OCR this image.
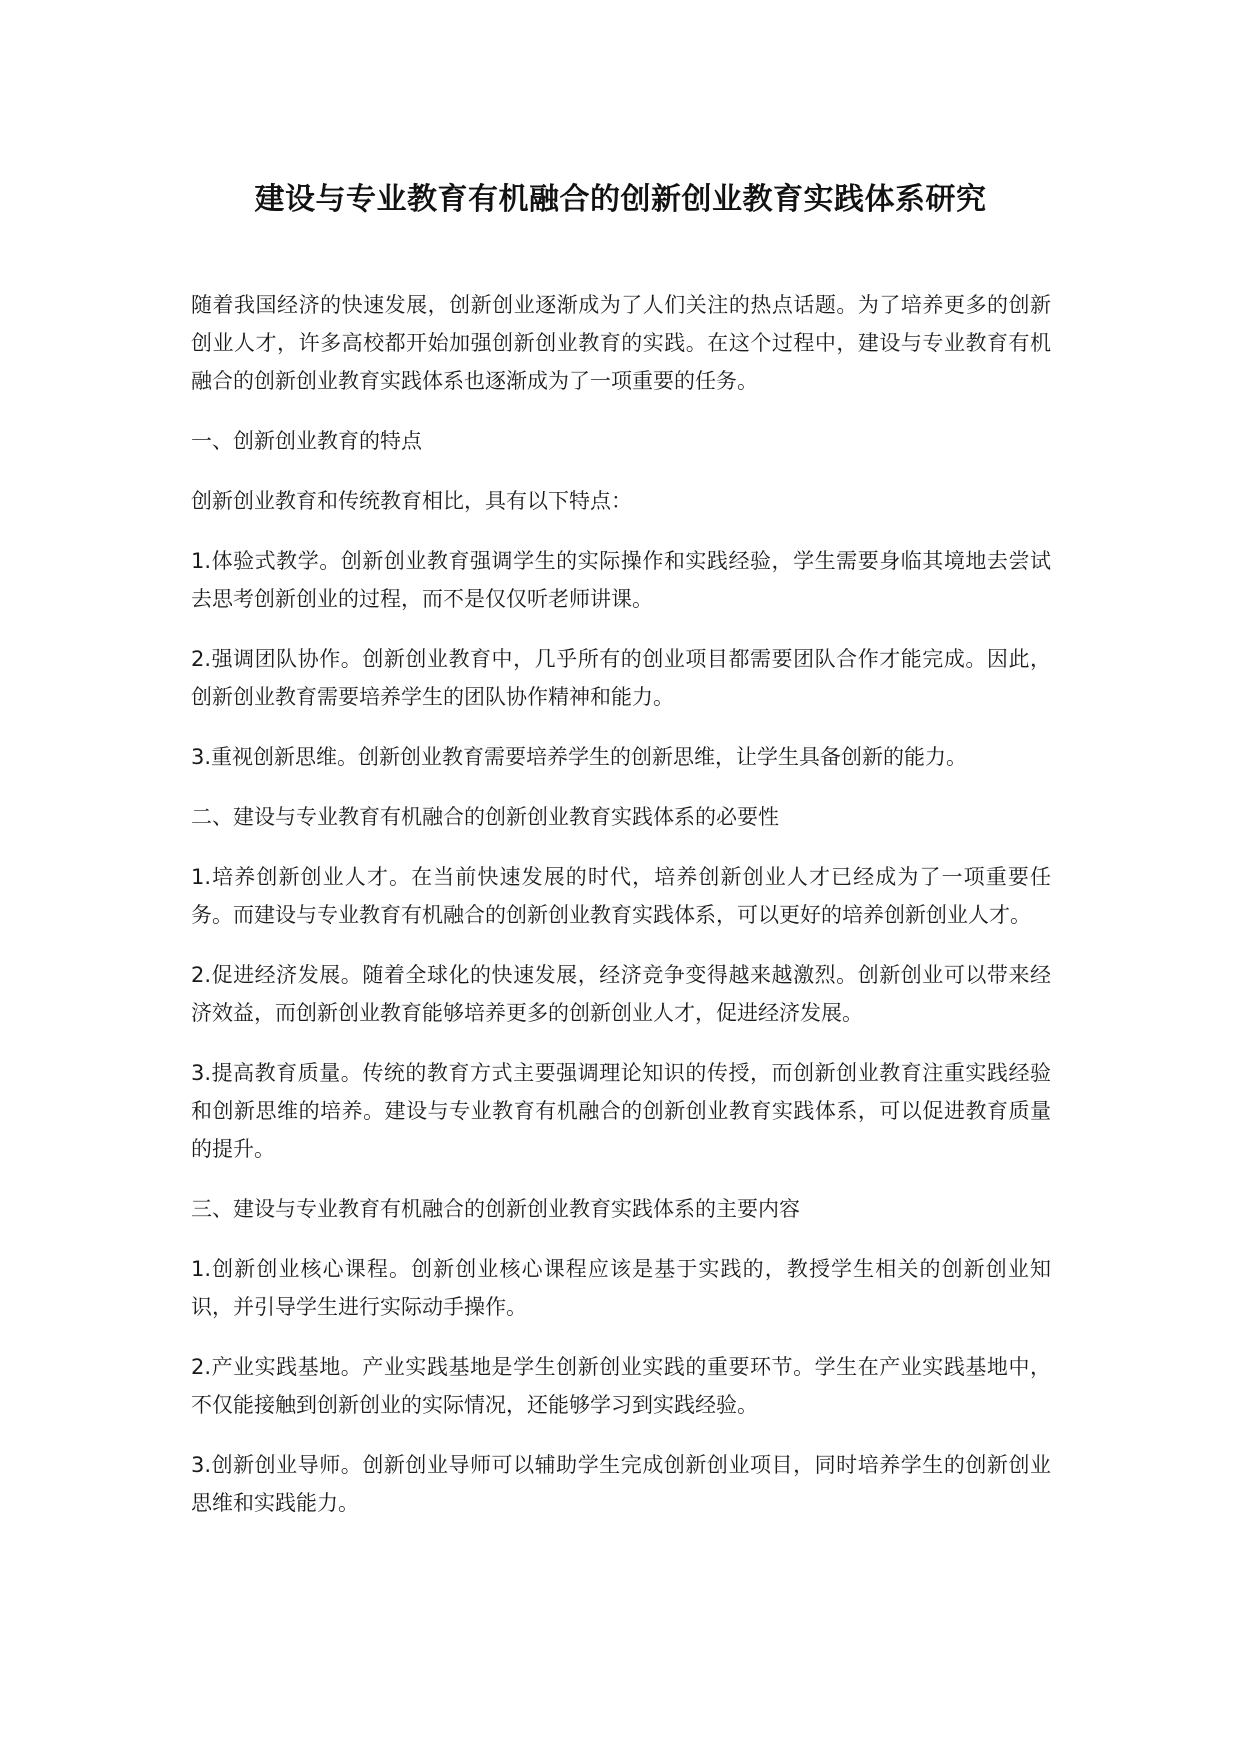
建设与专业教育有机融合的创新创业教育实践体系研究

随着我国经济的快速发展，创新创业逐渐成为了人们关注的热点话题。为了培养更多的创新创业人才，许多高校都开始加强创新创业教育的实践。在这个过程中，建设与专业教育有机融合的创新创业教育实践体系也逐渐成为了一项重要的任务。

一、创新创业教育的特点

创新创业教育和传统教育相比，具有以下特点：

1.体验式教学。创新创业教育强调学生的实际操作和实践经验，学生需要身临其境地去尝试去思考创新创业的过程，而不是仅仅听老师讲课。

2.强调团队协作。创新创业教育中，几乎所有的创业项目都需要团队合作才能完成。因此，创新创业教育需要培养学生的团队协作精神和能力。

3.重视创新思维。创新创业教育需要培养学生的创新思维，让学生具备创新的能力。

二、建设与专业教育有机融合的创新创业教育实践体系的必要性

1.培养创新创业人才。在当前快速发展的时代，培养创新创业人才已经成为了一项重要任务。而建设与专业教育有机融合的创新创业教育实践体系，可以更好的培养创新创业人才。

2.促进经济发展。随着全球化的快速发展，经济竞争变得越来越激烈。创新创业可以带来经济效益，而创新创业教育能够培养更多的创新创业人才，促进经济发展。

3.提高教育质量。传统的教育方式主要强调理论知识的传授，而创新创业教育注重实践经验和创新思维的培养。建设与专业教育有机融合的创新创业教育实践体系，可以促进教育质量的提升。

三、建设与专业教育有机融合的创新创业教育实践体系的主要内容

1.创新创业核心课程。创新创业核心课程应该是基于实践的，教授学生相关的创新创业知识，并引导学生进行实际动手操作。

2.产业实践基地。产业实践基地是学生创新创业实践的重要环节。学生在产业实践基地中，不仅能接触到创新创业的实际情况，还能够学习到实践经验。

3.创新创业导师。创新创业导师可以辅助学生完成创新创业项目，同时培养学生的创新创业思维和实践能力。
